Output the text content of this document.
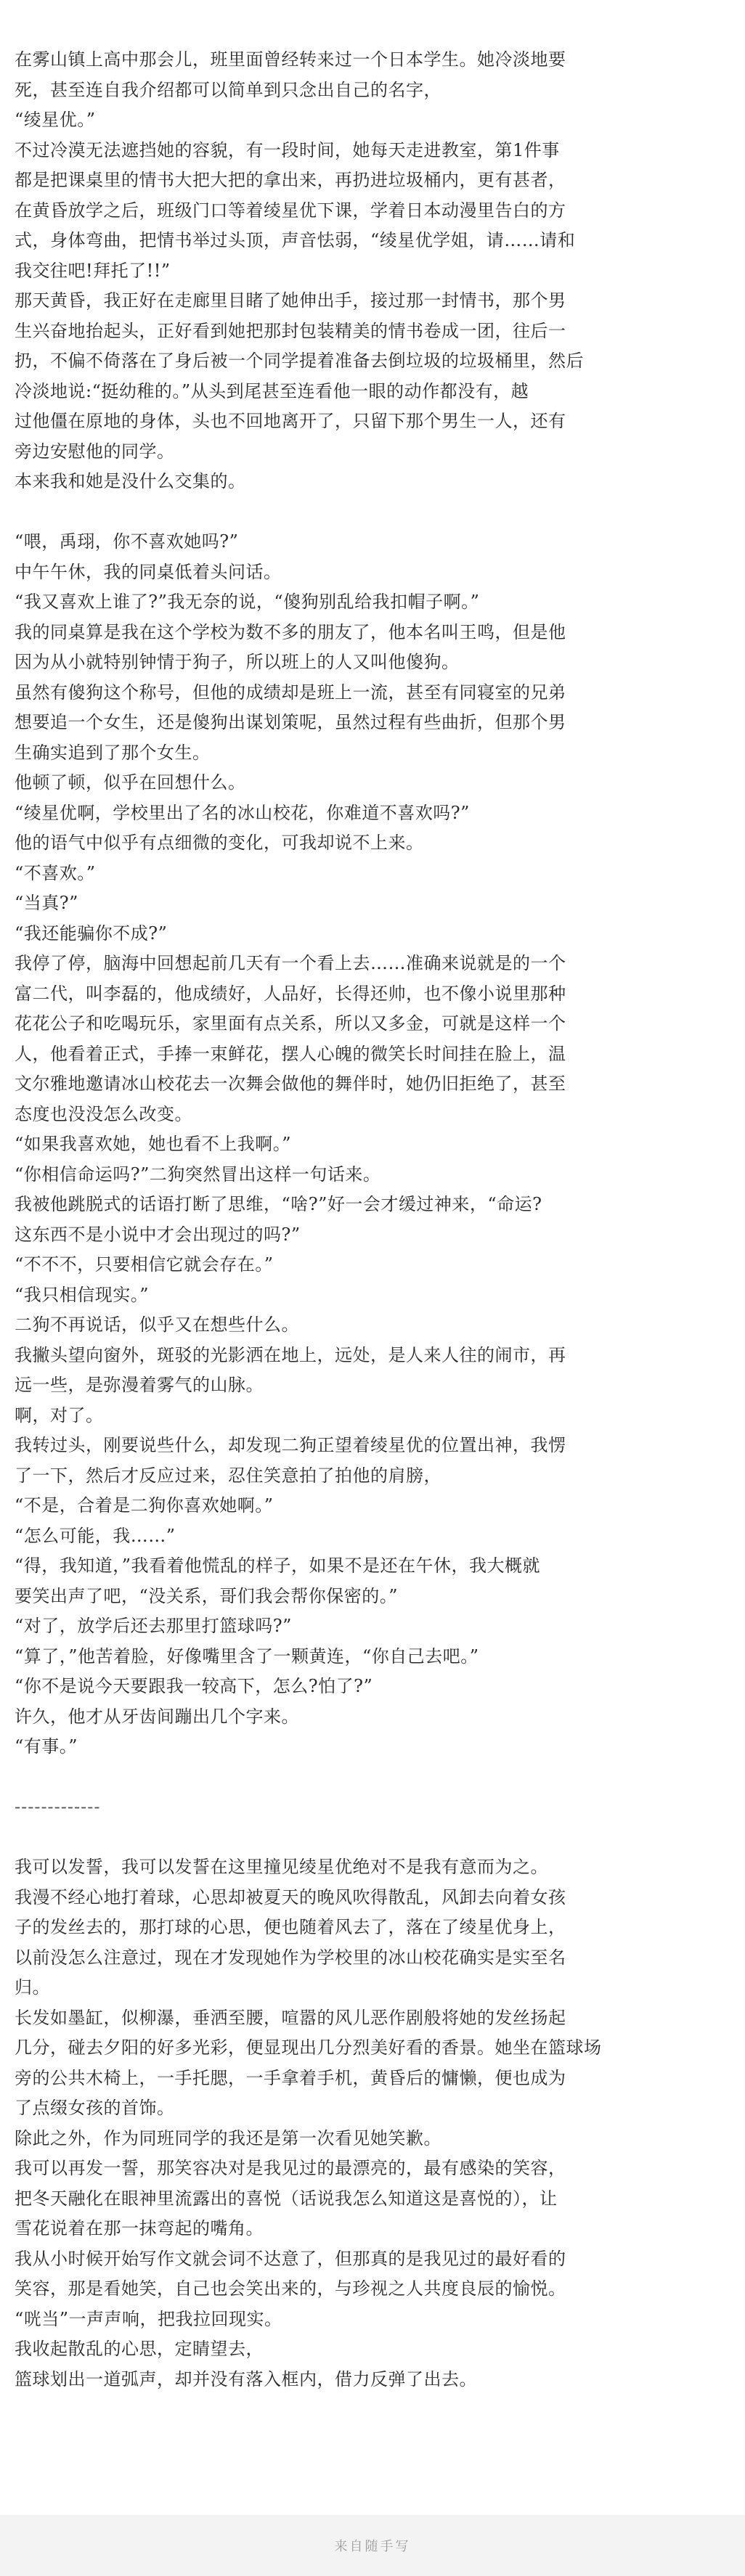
在雾山镇上高中那会儿，班里面曾经转来过一个日本学生。她冷淡地要

死，甚至连自我介绍都可以简单到只念出自己的名字，

“绫星优。”

不过冷漠无法遮挡她的容貌，有一段时间，她每天走进教室，第1件事

都是把课桌里的情书大把大把的拿出来，再扔进垃圾桶内，更有甚者，

在黄昏放学之后，班级门口等着绫星优下课，学着日本动漫里告白的方

式，身体弯曲，把情书举过头顶，声音怯弱，“绫星优学姐，请……请和

我交往吧!拜托了!!”

那天黄昏，我正好在走廊里目睹了她伸出手，接过那一封情书，那个男

生兴奋地抬起头，正好看到她把那封包装精美的情书卷成一团，往后一

扔，不偏不倚落在了身后被一个同学提着准备去倒垃圾的垃圾桶里，然后

冷淡地说:“挺幼稚的。”从头到尾甚至连看他一眼的动作都没有，越

过他僵在原地的身体，头也不回地离开了，只留下那个男生一人，还有

旁边安慰他的同学。

本来我和她是没什么交集的。

“喂，禹珝，你不喜欢她吗?”

中午午休，我的同桌低着头问话。

“我又喜欢上谁了?”我无奈的说，“傻狗别乱给我扣帽子啊。”

我的同桌算是我在这个学校为数不多的朋友了，他本名叫王鸣，但是他

因为从小就特别钟情于狗子，所以班上的人又叫他傻狗。

虽然有傻狗这个称号，但他的成绩却是班上一流，甚至有同寝室的兄弟

想要追一个女生，还是傻狗出谋划策呢，虽然过程有些曲折，但那个男

生确实追到了那个女生。

他顿了顿，似乎在回想什么。

“绫星优啊，学校里出了名的冰山校花，你难道不喜欢吗?”

他的语气中似乎有点细微的变化，可我却说不上来。

“不喜欢。”

“当真?”

“我还能骗你不成?”

我停了停，脑海中回想起前几天有一个看上去……准确来说就是的一个

富二代，叫李磊的，他成绩好，人品好，长得还帅，也不像小说里那种

花花公子和吃喝玩乐，家里面有点关系，所以又多金，可就是这样一个

人，他看着正式，手捧一束鲜花，摆人心魄的微笑长时间挂在脸上，温

文尔雅地邀请冰山校花去一次舞会做他的舞伴时，她仍旧拒绝了，甚至

态度也没没怎么改变。

“如果我喜欢她，她也看不上我啊。”

“你相信命运吗?”二狗突然冒出这样一句话来。

我被他跳脱式的话语打断了思维，“啥?”好一会才缓过神来，“命运?

这东西不是小说中才会出现过的吗?”

“不不不，只要相信它就会存在。”

“我只相信现实。”

二狗不再说话，似乎又在想些什么。

我撇头望向窗外，斑驳的光影洒在地上，远处，是人来人往的闹市，再

远一些，是弥漫着雾气的山脉。

啊，对了。

我转过头，刚要说些什么，却发现二狗正望着绫星优的位置出神，我愣

了一下，然后才反应过来，忍住笑意拍了拍他的肩膀，

“不是，合着是二狗你喜欢她啊。”

“怎么可能，我……”

“得，我知道，”我看着他慌乱的样子，如果不是还在午休，我大概就

要笑出声了吧，“没关系，哥们我会帮你保密的。”

“对了，放学后还去那里打篮球吗?”

“算了，”他苦着脸，好像嘴里含了一颗黄连，“你自己去吧。”

“你不是说今天要跟我一较高下，怎么?怕了?”

许久，他才从牙齿间蹦出几个字来。

“有事。”

-------------

我可以发誓，我可以发誓在这里撞见绫星优绝对不是我有意而为之。

我漫不经心地打着球，心思却被夏天的晚风吹得散乱，风卸去向着女孩

子的发丝去的，那打球的心思，便也随着风去了，落在了绫星优身上，

以前没怎么注意过，现在才发现她作为学校里的冰山校花确实是实至名

归。

长发如墨缸，似柳瀑，垂洒至腰，喧嚣的风儿恶作剧般将她的发丝扬起

几分，碰去夕阳的好多光彩，便显现出几分烈美好看的香景。她坐在篮球场

旁的公共木椅上，一手托腮，一手拿着手机，黄昏后的慵懒，便也成为

了点缀女孩的首饰。

除此之外，作为同班同学的我还是第一次看见她笑歉。

我可以再发一誓，那笑容决对是我见过的最漂亮的，最有感染的笑容，

把冬天融化在眼神里流露出的喜悦（话说我怎么知道这是喜悦的），让

雪花说着在那一抹弯起的嘴角。

我从小时候开始写作文就会词不达意了，但那真的是我见过的最好看的

笑容，那是看她笑，自己也会笑出来的，与珍视之人共度良辰的愉悦。

“咣当”一声声响，把我拉回现实。

我收起散乱的心思，定睛望去，

篮球划出一道弧声，却并没有落入框内，借力反弹了出去。

来自随手写
